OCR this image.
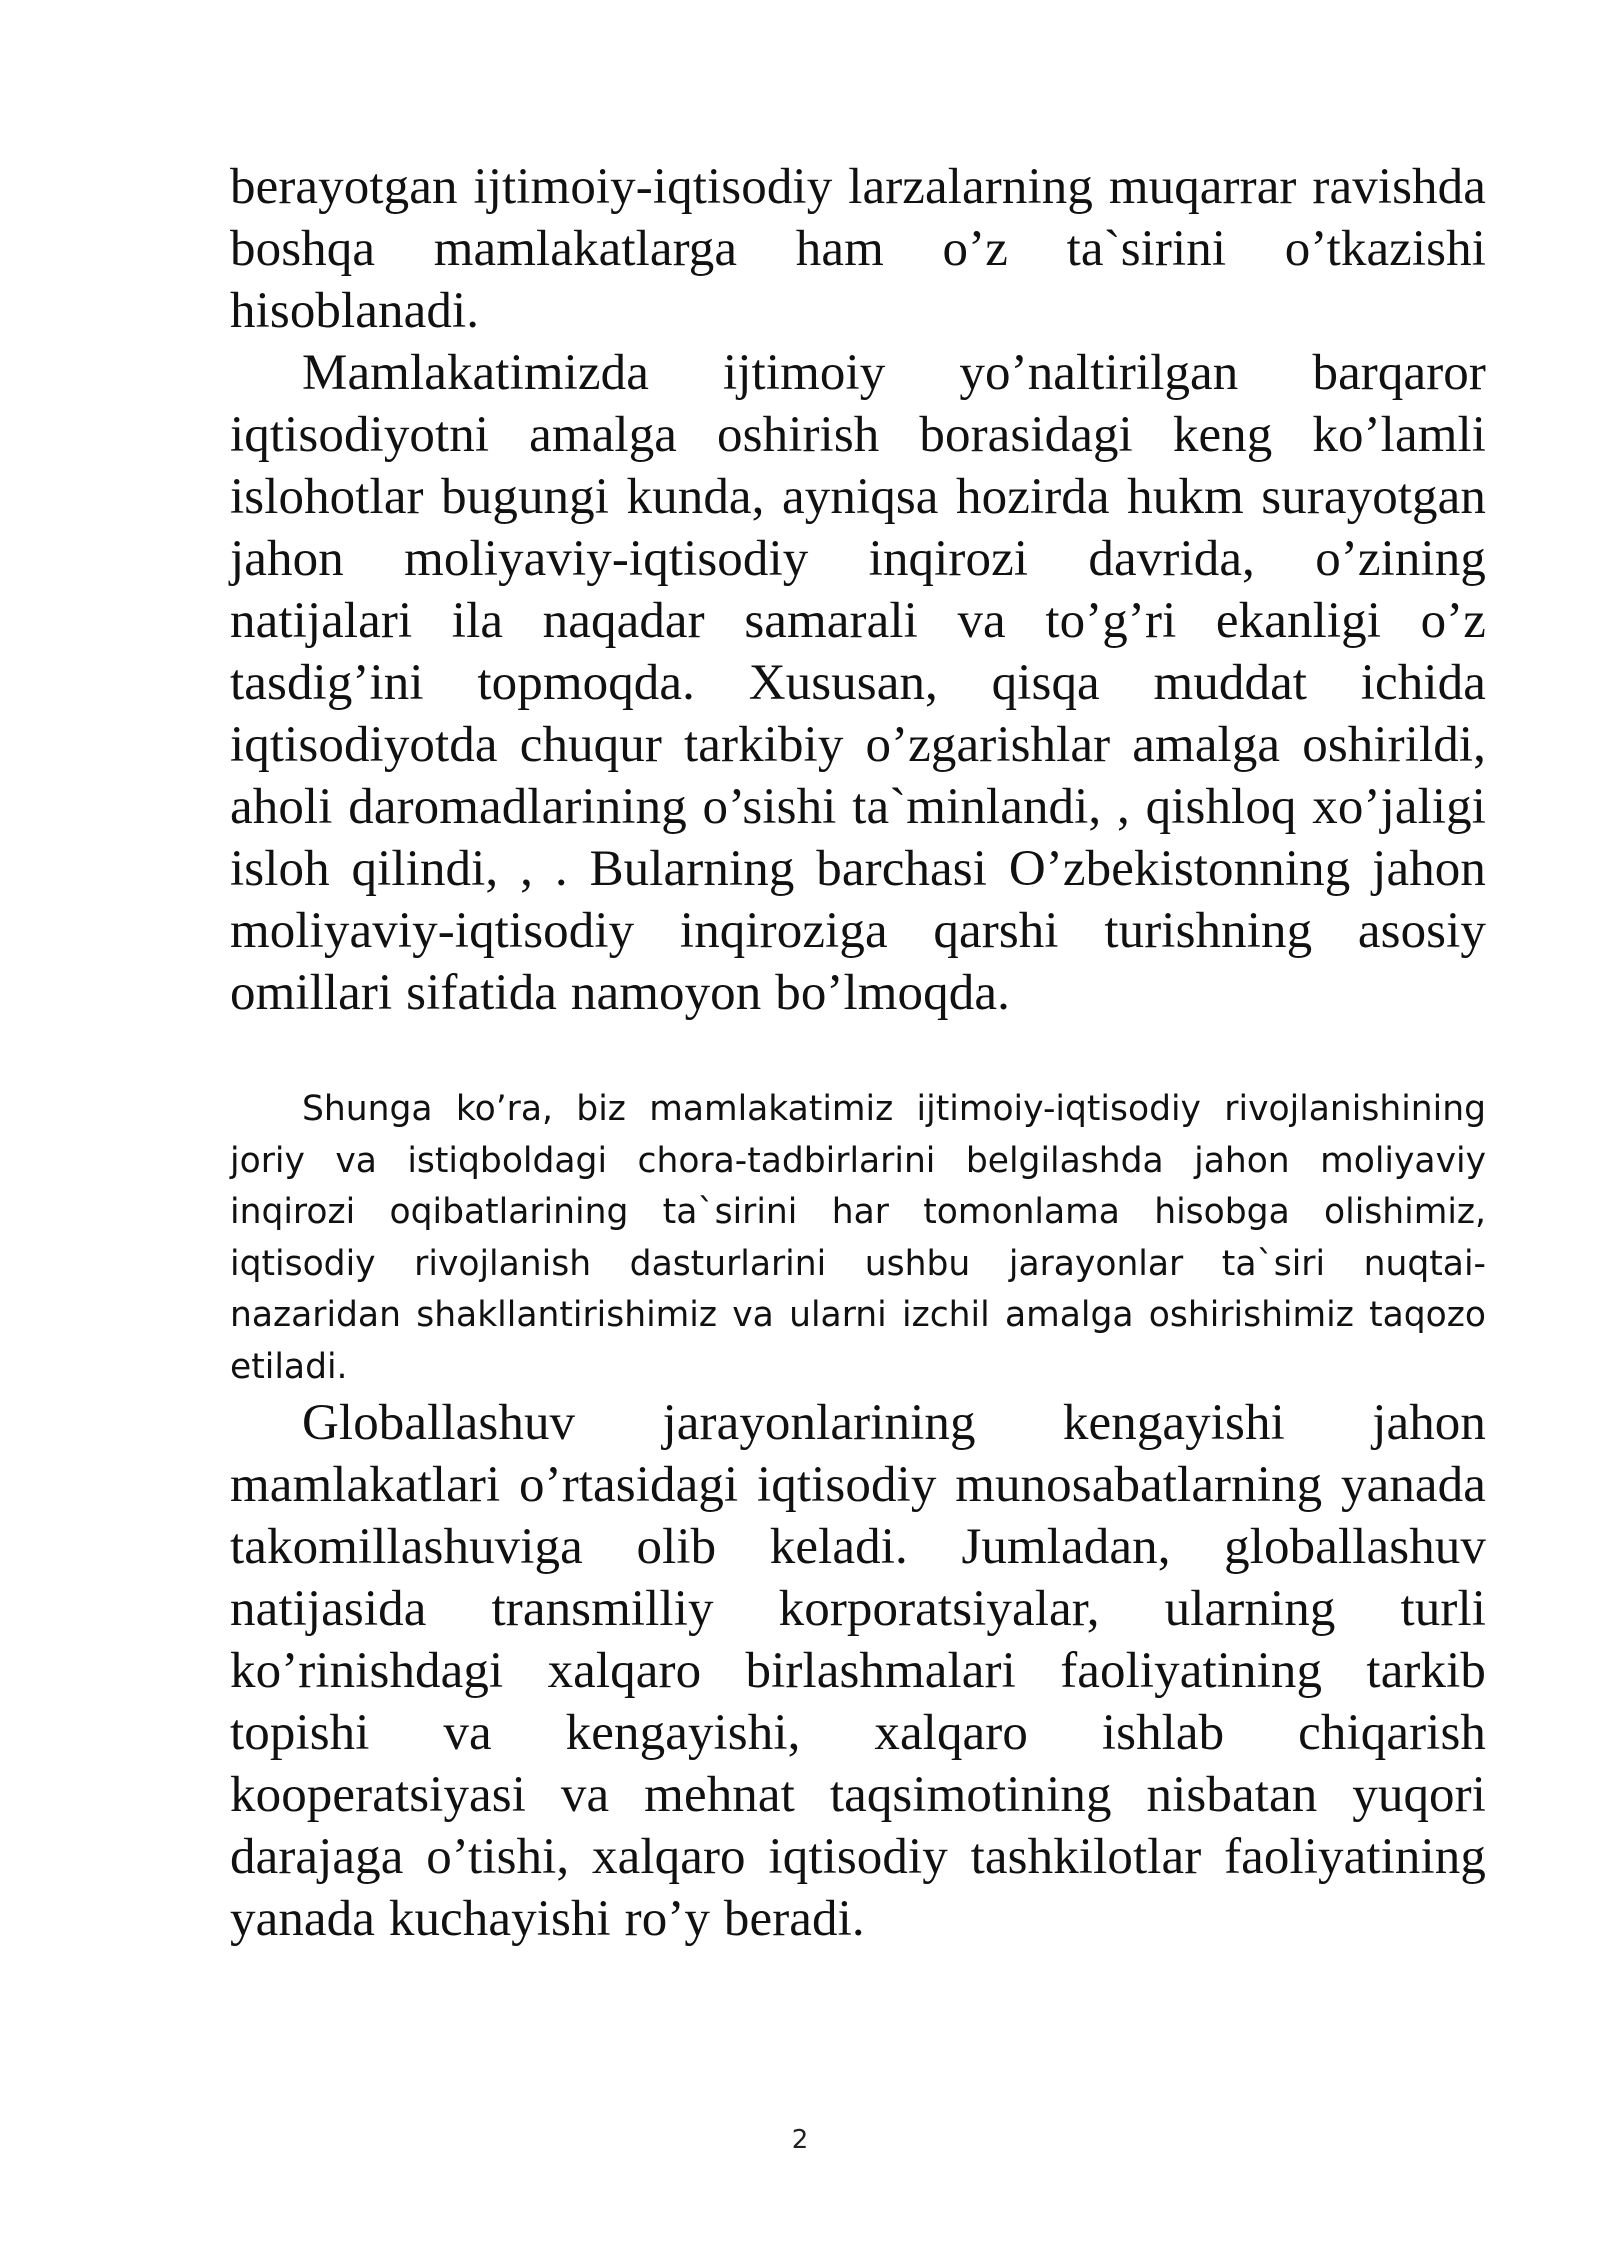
berayotgan ijtimoiy-iqtisodiy larzalarning muqarrar ravishda boshqa mamlakatlarga ham o’z ta`sirini o’tkazishi hisoblanadi.

Mamlakatimizda ijtimoiy yo’naltirilgan barqaror iqtisodiyotni amalga oshirish borasidagi keng ko’lamli islohotlar bugungi kunda, ayniqsa hozirda hukm surayotgan jahon moliyaviy-iqtisodiy inqirozi davrida, o’zining natijalari ila naqadar samarali va to’g’ri ekanligi o’z tasdig’ini topmoqda. Xususan, qisqa muddat ichida iqtisodiyotda chuqur tarkibiy o’zgarishlar amalga oshirildi, aholi daromadlarining o’sishi ta`minlandi, , qishloq xo’jaligi isloh qilindi, , . Bularning barchasi O’zbekistonning jahon moliyaviy-iqtisodiy inqiroziga qarshi turishning asosiy omillari sifatida namoyon bo’lmoqda.

Shunga ko’ra, biz mamlakatimiz ijtimoiy-iqtisodiy rivojlanishining joriy va istiqboldagi chora-tadbirlarini belgilashda jahon moliyaviy inqirozi oqibatlarining ta`sirini har tomonlama hisobga olishimiz, iqtisodiy rivojlanish dasturlarini ushbu jarayonlar ta`siri nuqtai-nazaridan shakllantirishimiz va ularni izchil amalga oshirishimiz taqozo etiladi.

Globallashuv jarayonlarining kengayishi jahon mamlakatlari o’rtasidagi iqtisodiy munosabatlarning yanada takomillashuviga olib keladi. Jumladan, globallashuv natijasida transmilliy korporatsiyalar, ularning turli ko’rinishdagi xalqaro birlashmalari faoliyatining tarkib topishi va kengayishi, xalqaro ishlab chiqarish kooperatsiyasi va mehnat taqsimotining nisbatan yuqori darajaga o’tishi, xalqaro iqtisodiy tashkilotlar faoliyatining yanada kuchayishi ro’y beradi.

2
